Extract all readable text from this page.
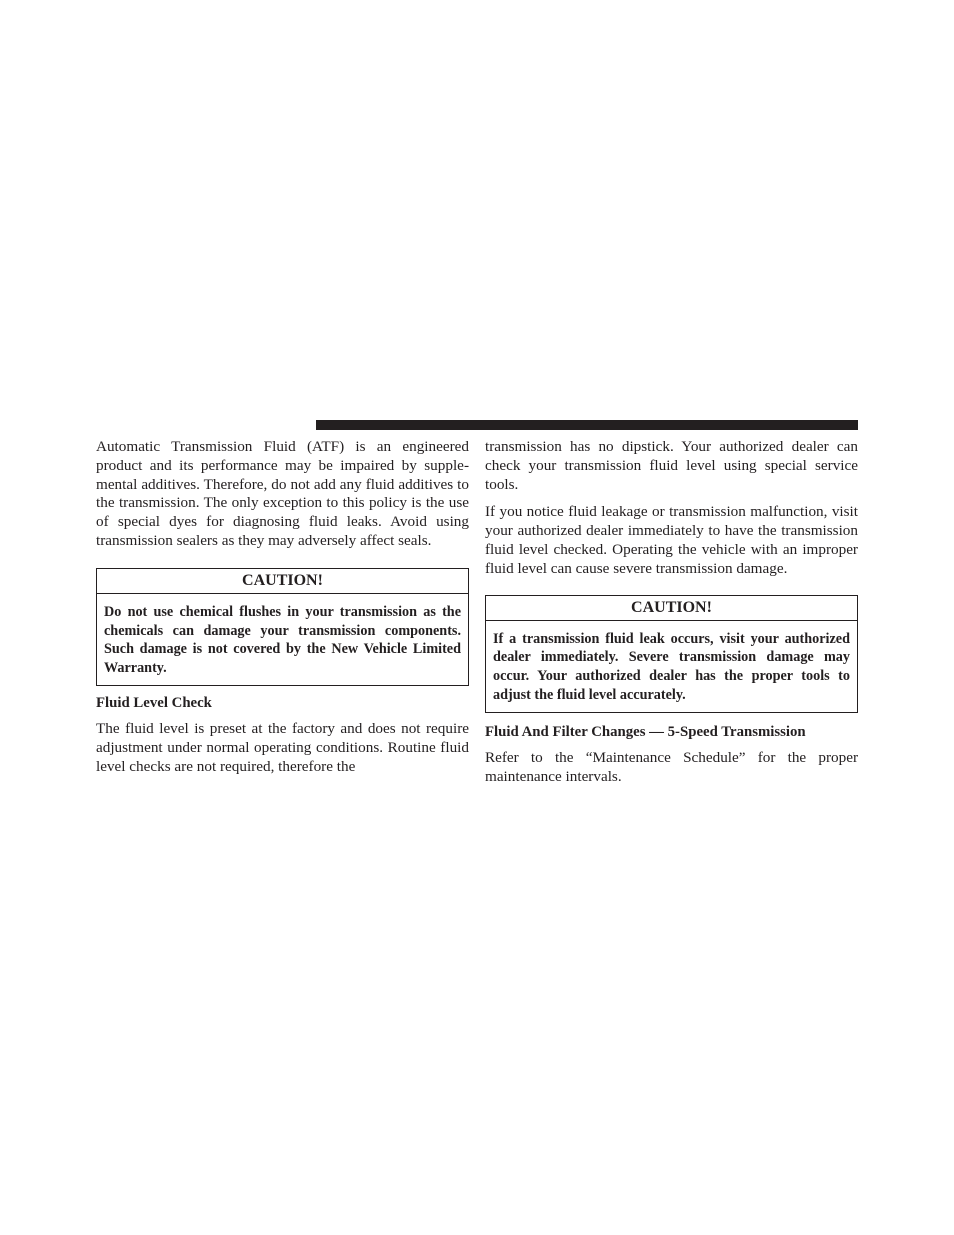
Automatic Transmission Fluid (ATF) is an engineered product and its performance may be impaired by supplemental additives. Therefore, do not add any fluid additives to the transmission. The only exception to this policy is the use of special dyes for diagnosing fluid leaks. Avoid using transmission sealers as they may adversely affect seals.

CAUTION!
Do not use chemical flushes in your transmission as the chemicals can damage your transmission components. Such damage is not covered by the New Vehicle Limited Warranty.
Fluid Level Check

The fluid level is preset at the factory and does not require adjustment under normal operating conditions. Routine fluid level checks are not required, therefore the

transmission has no dipstick. Your authorized dealer can check your transmission fluid level using special service tools.

If you notice fluid leakage or transmission malfunction, visit your authorized dealer immediately to have the transmission fluid level checked. Operating the vehicle with an improper fluid level can cause severe transmission damage.

CAUTION!
If a transmission fluid leak occurs, visit your authorized dealer immediately. Severe transmission damage may occur. Your authorized dealer has the proper tools to adjust the fluid level accurately.
Fluid And Filter Changes — 5-Speed Transmission

Refer to the “Maintenance Schedule” for the proper maintenance intervals.
